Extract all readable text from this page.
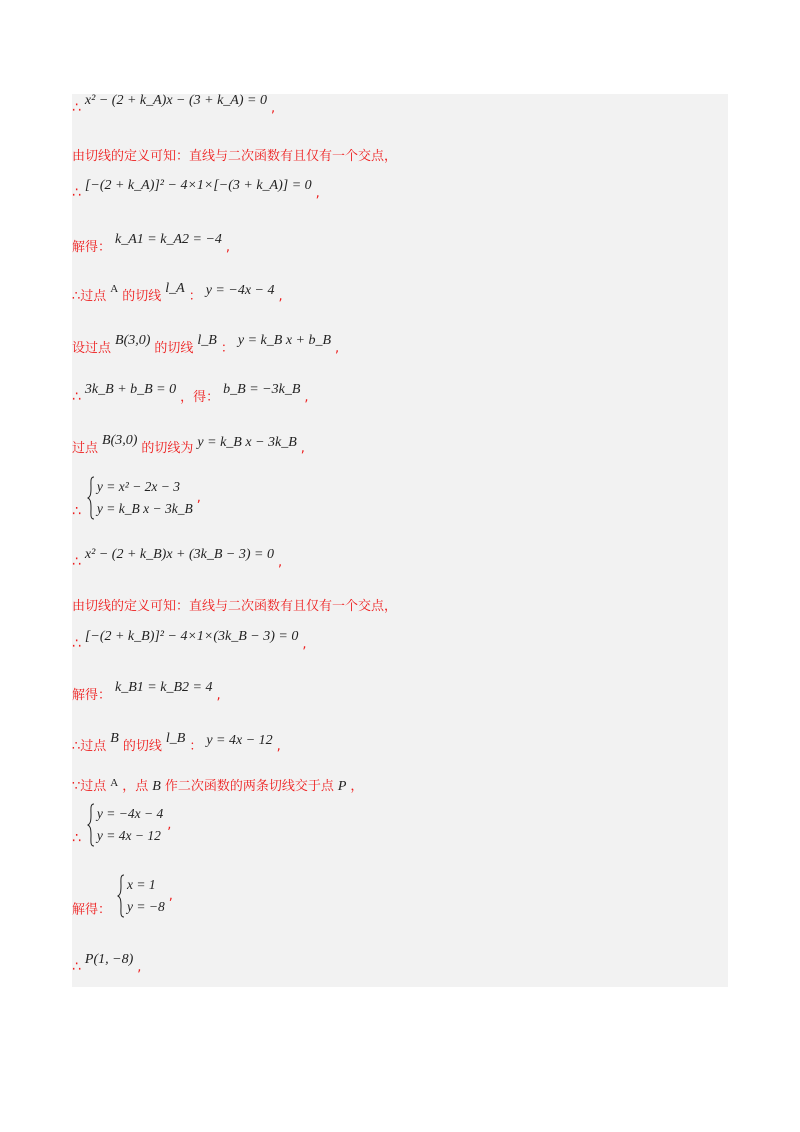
∴ x² − (2 + k_A)x − (3 + k_A) = 0 ,
由切线的定义可知：直线与二次函数有且仅有一个交点，
∴ [−(2 + k_A)]² − 4×1×[−(3 + k_A)] = 0 ,
解得： k_A1 = k_A2 = −4 ,
∴过点 $^A$ 的切线 l_A ： y = −4x − 4 ,
设过点 B(3,0) 的切线 l_B ： y = k_B x + b_B ,
∴ 3k_B + b_B = 0 ，得： b_B = −3k_B ,
过点 B(3,0) 的切线为 y = k_B x − 3k_B ,
∴
y = x² − 2x − 3
y = k_B x − 3k_B
,
∴ x² − (2 + k_B)x + (3k_B − 3) = 0 ,
由切线的定义可知：直线与二次函数有且仅有一个交点，
∴ [−(2 + k_B)]² − 4×1×(3k_B − 3) = 0 ,
解得： k_B1 = k_B2 = 4 ,
∴过点 B 的切线 l_B ： y = 4x − 12 ,
∵过点 $^A$ ，点 B 作二次函数的两条切线交于点 P ，
∴
y = −4x − 4
y = 4x − 12
,
$_{解得:}$
x = 1
y = −8
,
∴ P(1, −8) ,
